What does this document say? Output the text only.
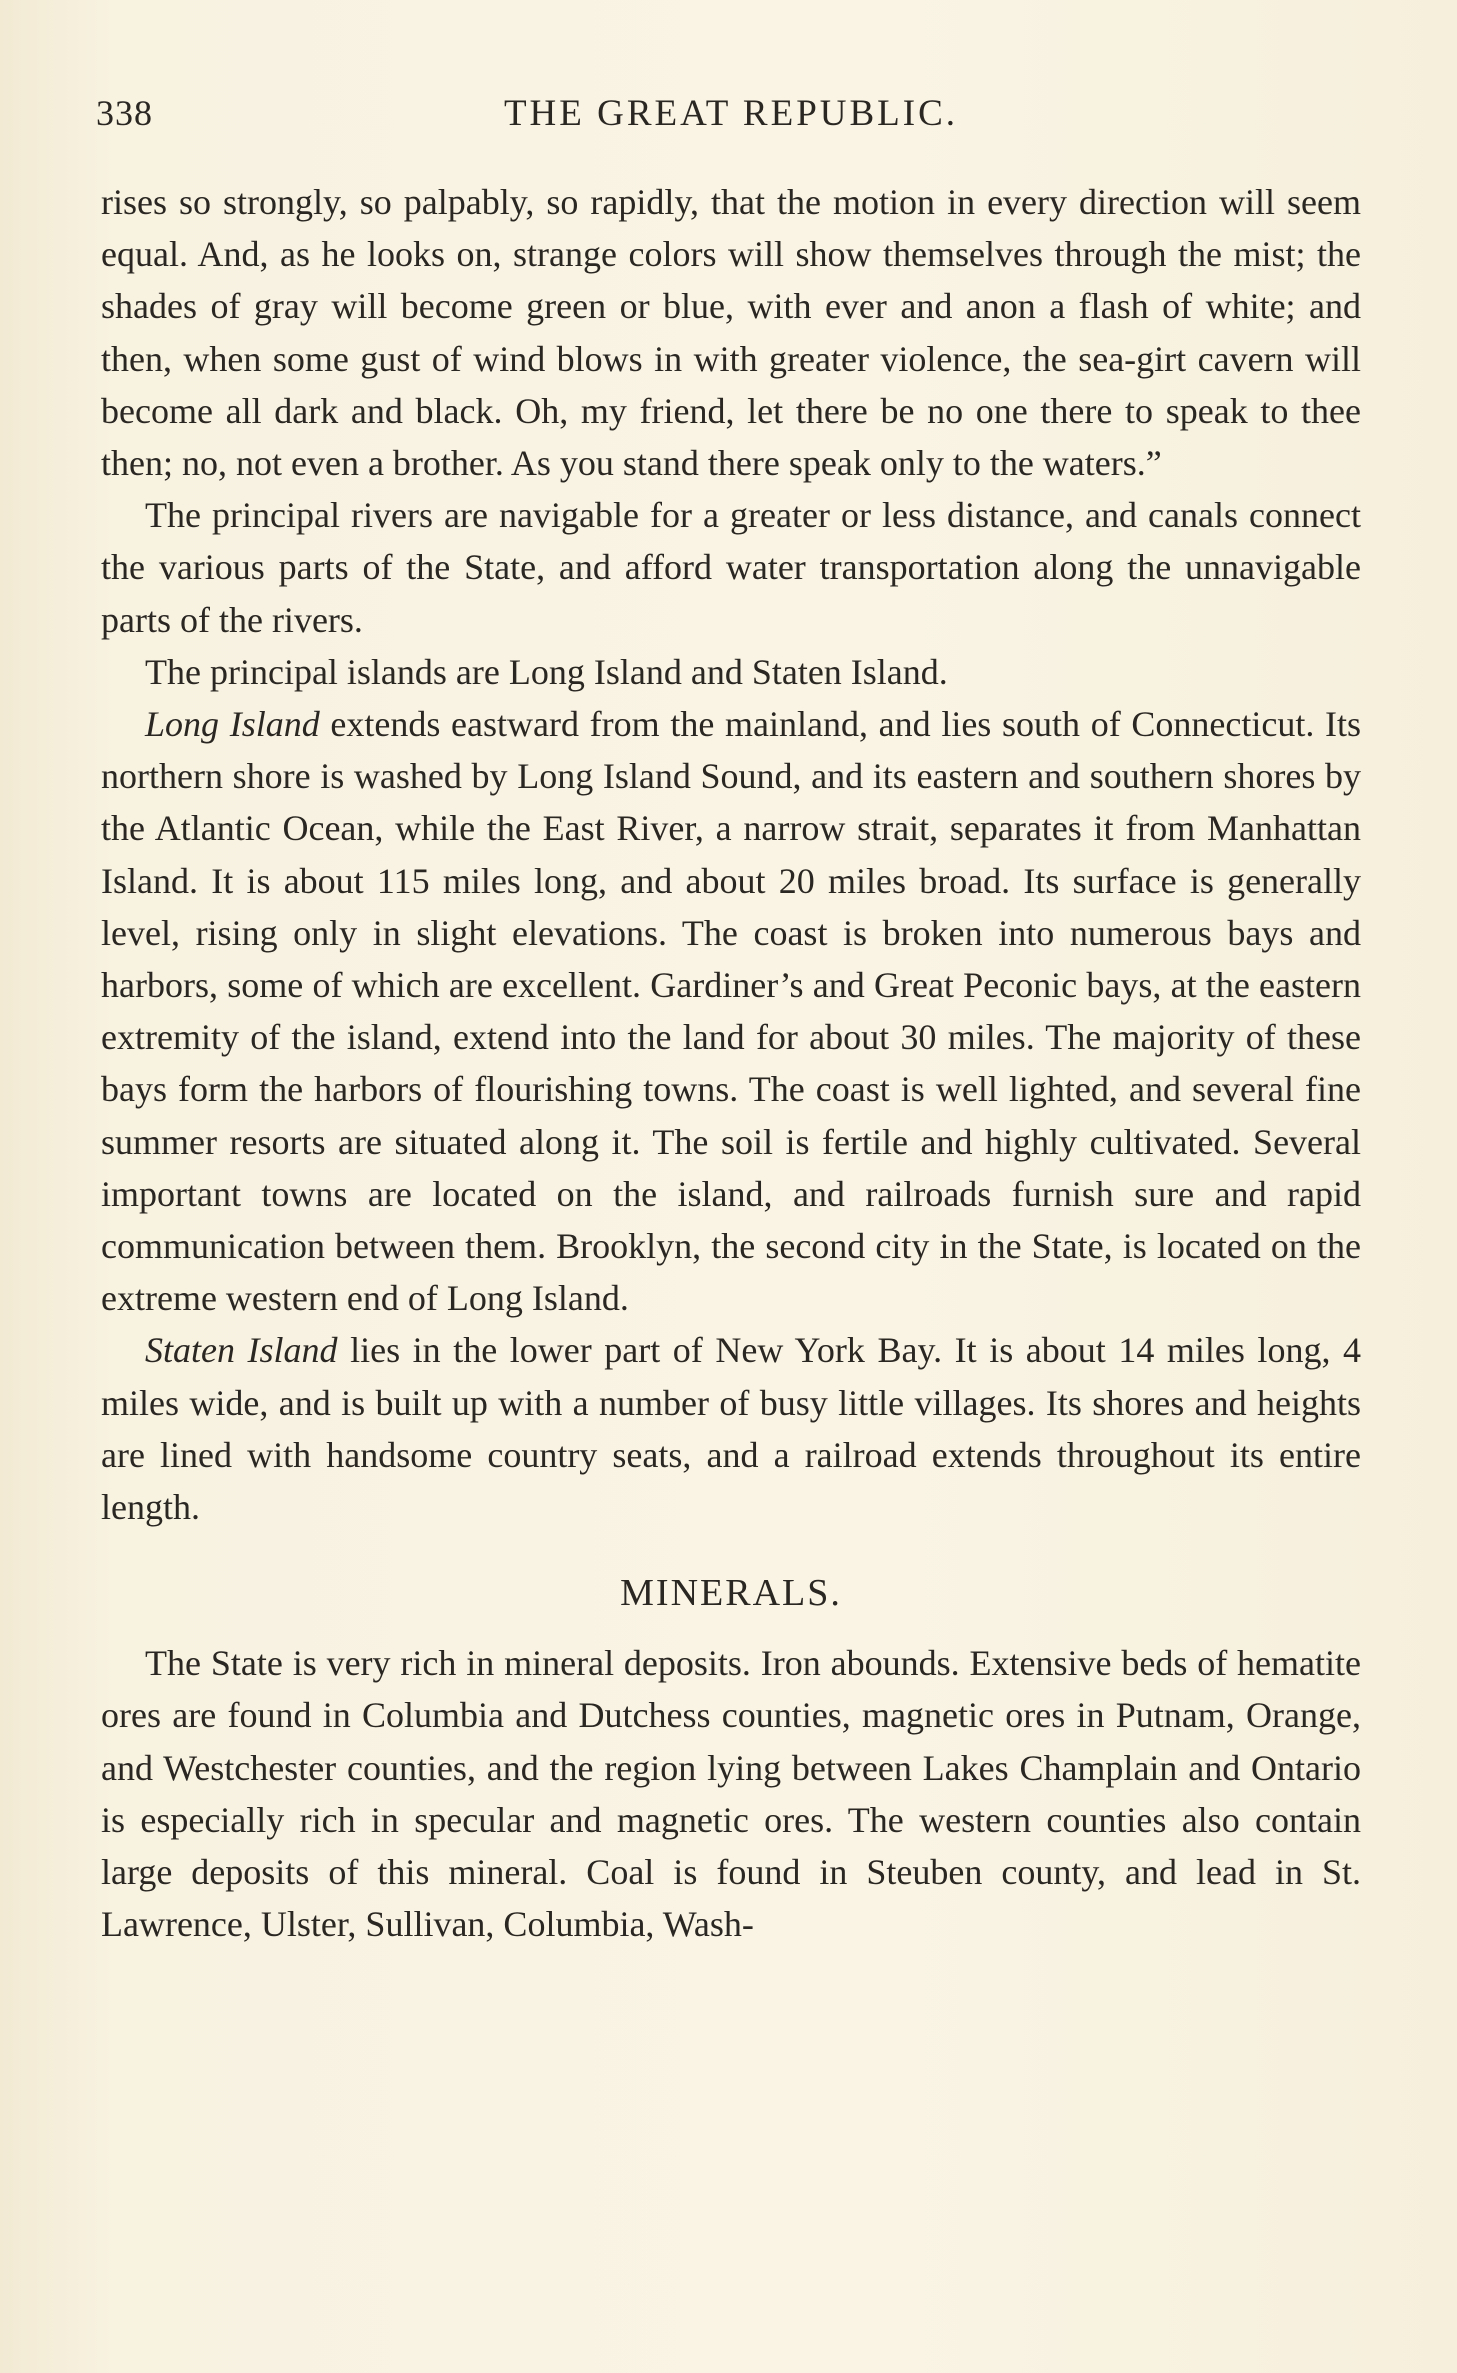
338	THE GREAT REPUBLIC.

rises so strongly, so palpably, so rapidly, that the motion in every direction will seem equal. And, as he looks on, strange colors will show themselves through the mist; the shades of gray will become green or blue, with ever and anon a flash of white; and then, when some gust of wind blows in with greater violence, the sea-girt cavern will become all dark and black. Oh, my friend, let there be no one there to speak to thee then; no, not even a brother. As you stand there speak only to the waters.”

The principal rivers are navigable for a greater or less distance, and canals connect the various parts of the State, and afford water transportation along the unnavigable parts of the rivers.

The principal islands are Long Island and Staten Island.

Long Island extends eastward from the mainland, and lies south of Connecticut. Its northern shore is washed by Long Island Sound, and its eastern and southern shores by the Atlantic Ocean, while the East River, a narrow strait, separates it from Manhattan Island. It is about 115 miles long, and about 20 miles broad. Its surface is generally level, rising only in slight elevations. The coast is broken into numerous bays and harbors, some of which are excellent. Gardiner’s and Great Peconic bays, at the eastern extremity of the island, extend into the land for about 30 miles. The majority of these bays form the harbors of flourishing towns. The coast is well lighted, and several fine summer resorts are situated along it. The soil is fertile and highly cultivated. Several important towns are located on the island, and railroads furnish sure and rapid communication between them. Brooklyn, the second city in the State, is located on the extreme western end of Long Island.

Staten Island lies in the lower part of New York Bay. It is about 14 miles long, 4 miles wide, and is built up with a number of busy little villages. Its shores and heights are lined with handsome country seats, and a railroad extends throughout its entire length.

MINERALS.

The State is very rich in mineral deposits. Iron abounds. Extensive beds of hematite ores are found in Columbia and Dutchess counties, magnetic ores in Putnam, Orange, and Westchester counties, and the region lying between Lakes Champlain and Ontario is especially rich in specular and magnetic ores. The western counties also contain large deposits of this mineral. Coal is found in Steuben county, and lead in St. Lawrence, Ulster, Sullivan, Columbia, Wash-
